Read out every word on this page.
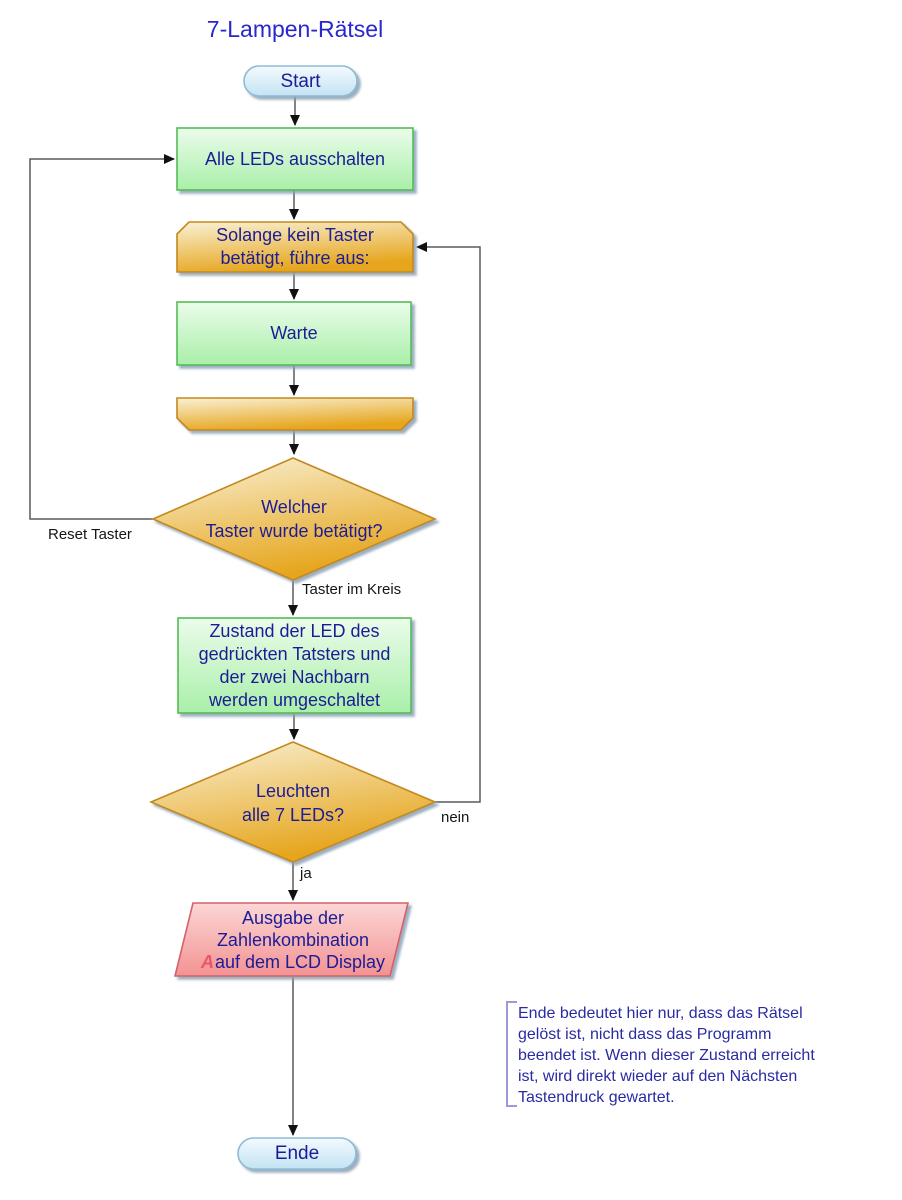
7-Lampen-Rätsel
Start
Alle LEDs ausschalten
Solange kein Taster
betätigt, führe aus:
Warte
Welcher
Taster wurde betätigt?
Reset Taster
Taster im Kreis
Zustand der LED des
gedrückten Tatsters und
der zwei Nachbarn
werden umgeschaltet
Leuchten
alle 7 LEDs?	nein
ja
Ausgabe der
Zahlenkombination
Aauf dem LCD Display
Ende bedeutet hier nur, dass das Rätsel
gelöst ist, nicht dass das Programm
beendet ist. Wenn dieser Zustand erreicht
ist, wird direkt wieder auf den Nächsten
Tastendruck gewartet.
Ende
